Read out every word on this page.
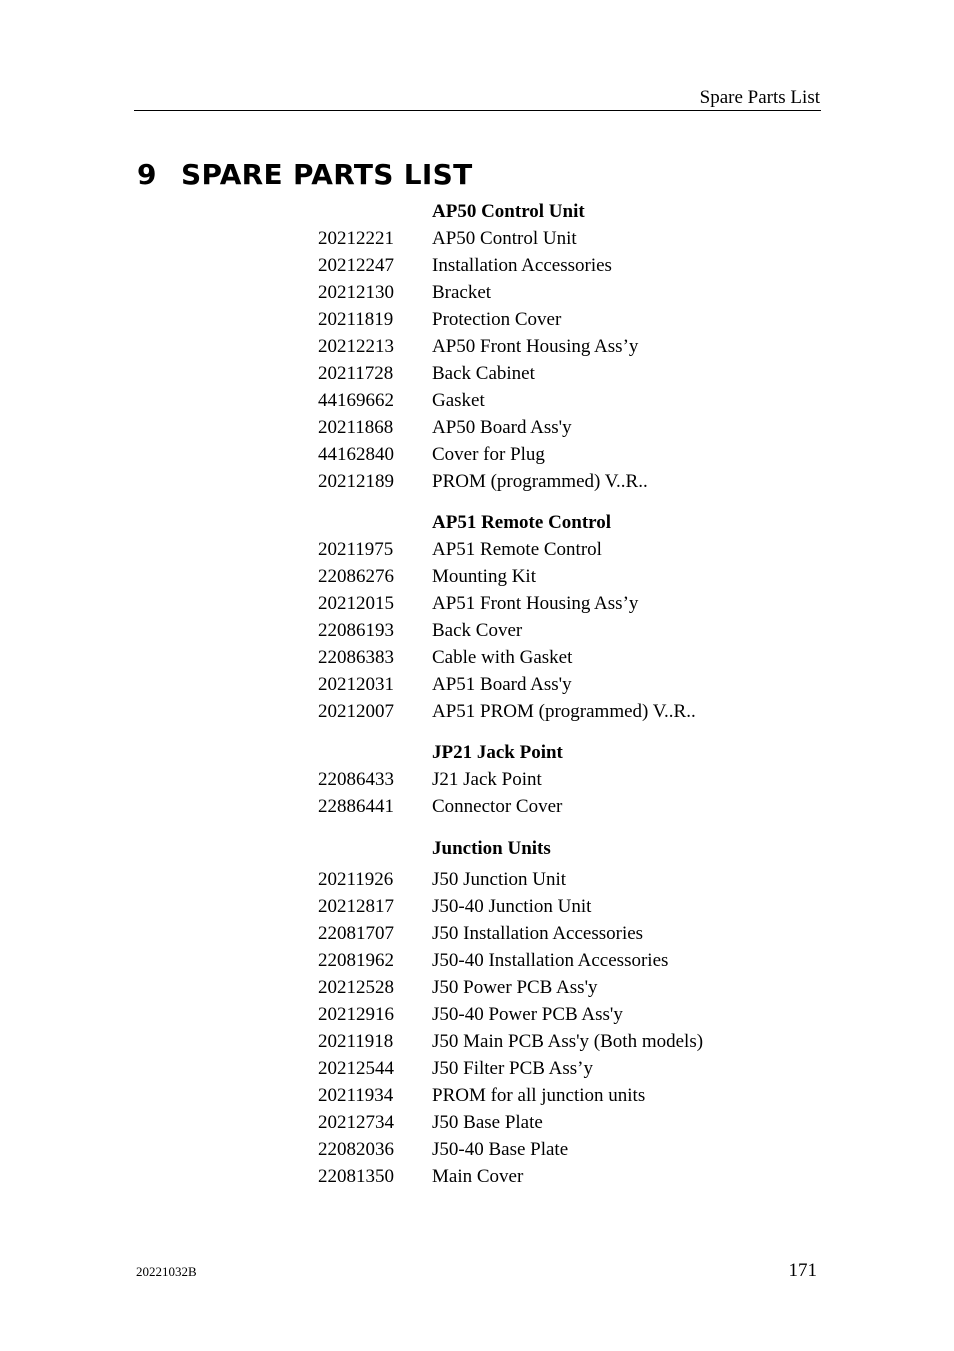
Spare Parts List
9 SPARE PARTS LIST
AP50 Control Unit
20212221 AP50 Control Unit
20212247 Installation Accessories
20212130 Bracket
20211819 Protection Cover
20212213 AP50 Front Housing Ass’y
20211728 Back Cabinet
44169662 Gasket
20211868 AP50 Board Ass'y
44162840 Cover for Plug
20212189 PROM (programmed) V..R..
AP51 Remote Control
20211975 AP51 Remote Control
22086276 Mounting Kit
20212015 AP51 Front Housing Ass’y
22086193 Back Cover
22086383 Cable with Gasket
20212031 AP51 Board Ass'y
20212007 AP51 PROM (programmed) V..R..
JP21 Jack Point
22086433 J21 Jack Point
22886441 Connector Cover
Junction Units
20211926 J50 Junction Unit
20212817 J50-40 Junction Unit
22081707 J50 Installation Accessories
22081962 J50-40 Installation Accessories
20212528 J50 Power PCB Ass'y
20212916 J50-40 Power PCB Ass'y
20211918 J50 Main PCB Ass'y (Both models)
20212544 J50 Filter PCB Ass’y
20211934 PROM for all junction units
20212734 J50 Base Plate
22082036 J50-40 Base Plate
22081350 Main Cover
20221032B	171
